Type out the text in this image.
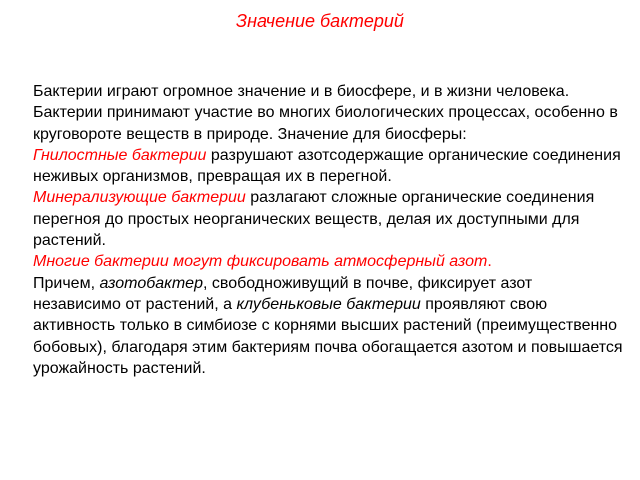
Значение бактерий

Бактерии играют огромное значение и в биосфере, и в жизни человека. Бактерии принимают участие во многих биологических процессах, особенно в круговороте веществ в природе. Значение для биосферы:

Гнилостные бактерии разрушают азотсодержащие органические соединения неживых организмов, превращая их в перегной.

Минерализующие бактерии разлагают сложные органические соединения перегноя до простых неорганических веществ, делая их доступными для растений.

Многие бактерии могут фиксировать атмосферный азот.

Причем, азотобактер, свободноживущий в почве, фиксирует азот независимо от растений, а клубеньковые бактерии проявляют свою активность только в симбиозе с корнями высших растений (преимущественно бобовых), благодаря этим бактериям почва обогащается азотом и повышается урожайность растений.
